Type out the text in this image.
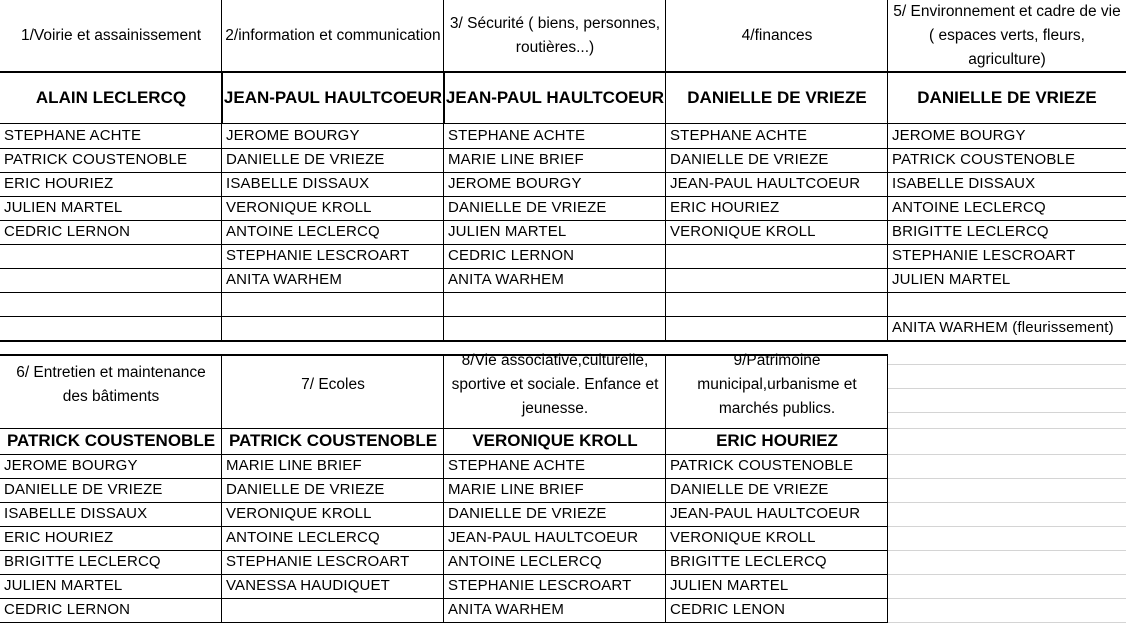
1/Voirie et assainissement
ALAIN LECLERCQ
STEPHANE ACHTE
PATRICK COUSTENOBLE
ERIC HOURIEZ
JULIEN MARTEL
CEDRIC LERNON
2/information et communication
JEAN-PAUL HAULTCOEUR
JEROME BOURGY
DANIELLE DE VRIEZE
ISABELLE DISSAUX
VERONIQUE KROLL
ANTOINE LECLERCQ
STEPHANIE LESCROART
ANITA WARHEM
3/ Sécurité ( biens, personnes, routières...)
JEAN-PAUL HAULTCOEUR
STEPHANE ACHTE
MARIE LINE BRIEF
JEROME BOURGY
DANIELLE DE VRIEZE
JULIEN MARTEL
CEDRIC LERNON
ANITA WARHEM
4/finances
DANIELLE DE VRIEZE
STEPHANE ACHTE
DANIELLE DE VRIEZE
JEAN-PAUL HAULTCOEUR
ERIC HOURIEZ
VERONIQUE KROLL
5/ Environnement et cadre de vie ( espaces verts, fleurs, agriculture)
DANIELLE DE VRIEZE
JEROME BOURGY
PATRICK COUSTENOBLE
ISABELLE DISSAUX
ANTOINE LECLERCQ
BRIGITTE LECLERCQ
STEPHANIE LESCROART
JULIEN MARTEL
ANITA WARHEM (fleurissement)
6/ Entretien et maintenance des bâtiments
PATRICK COUSTENOBLE
JEROME BOURGY
DANIELLE DE VRIEZE
ISABELLE DISSAUX
ERIC HOURIEZ
BRIGITTE LECLERCQ
JULIEN MARTEL
CEDRIC LERNON
7/ Ecoles
PATRICK COUSTENOBLE
MARIE LINE BRIEF
DANIELLE DE VRIEZE
VERONIQUE KROLL
ANTOINE LECLERCQ
STEPHANIE LESCROART
VANESSA HAUDIQUET
8/Vie associative,culturelle, sportive et sociale. Enfance et jeunesse.
VERONIQUE KROLL
STEPHANE ACHTE
MARIE LINE BRIEF
DANIELLE DE VRIEZE
JEAN-PAUL HAULTCOEUR
ANTOINE LECLERCQ
STEPHANIE LESCROART
ANITA WARHEM
9/Patrimoine municipal,urbanisme et marchés publics.
ERIC HOURIEZ
PATRICK COUSTENOBLE
DANIELLE DE VRIEZE
JEAN-PAUL HAULTCOEUR
VERONIQUE KROLL
BRIGITTE LECLERCQ
JULIEN MARTEL
CEDRIC LENON
